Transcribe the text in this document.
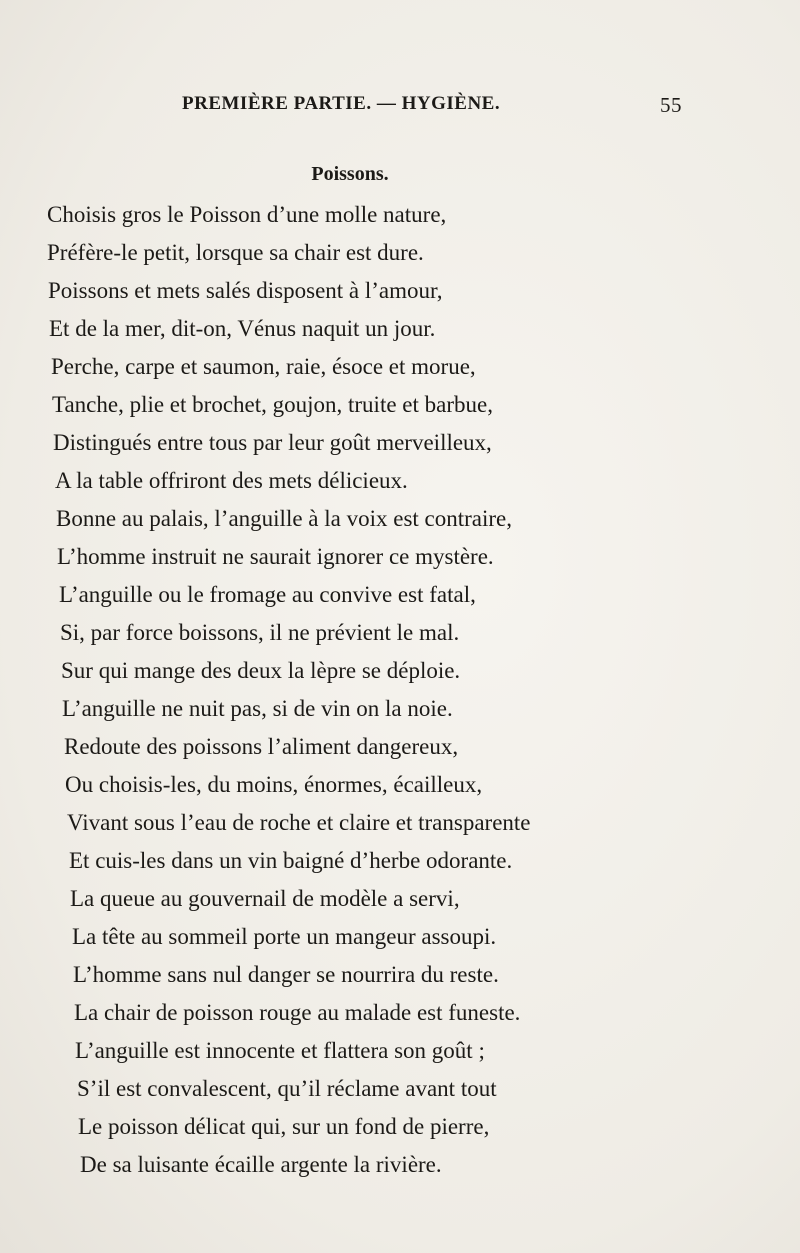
PREMIÈRE PARTIE. — HYGIÈNE.	55
Poissons.
Choisis gros le Poisson d’une molle nature,
Préfère-le petit, lorsque sa chair est dure.
Poissons et mets salés disposent à l’amour,
Et de la mer, dit-on, Vénus naquit un jour.
Perche, carpe et saumon, raie, ésoce et morue,
Tanche, plie et brochet, goujon, truite et barbue,
Distingués entre tous par leur goût merveilleux,
A la table offriront des mets délicieux.
Bonne au palais, l’anguille à la voix est contraire,
L’homme instruit ne saurait ignorer ce mystère.
L’anguille ou le fromage au convive est fatal,
Si, par force boissons, il ne prévient le mal.
Sur qui mange des deux la lèpre se déploie.
L’anguille ne nuit pas, si de vin on la noie.
Redoute des poissons l’aliment dangereux,
Ou choisis-les, du moins, énormes, écailleux,
Vivant sous l’eau de roche et claire et transparente
Et cuis-les dans un vin baigné d’herbe odorante.
La queue au gouvernail de modèle a servi,
La tête au sommeil porte un mangeur assoupi.
L’homme sans nul danger se nourrira du reste.
La chair de poisson rouge au malade est funeste.
L’anguille est innocente et flattera son goût ;
S’il est convalescent, qu’il réclame avant tout
Le poisson délicat qui, sur un fond de pierre,
De sa luisante écaille argente la rivière.
